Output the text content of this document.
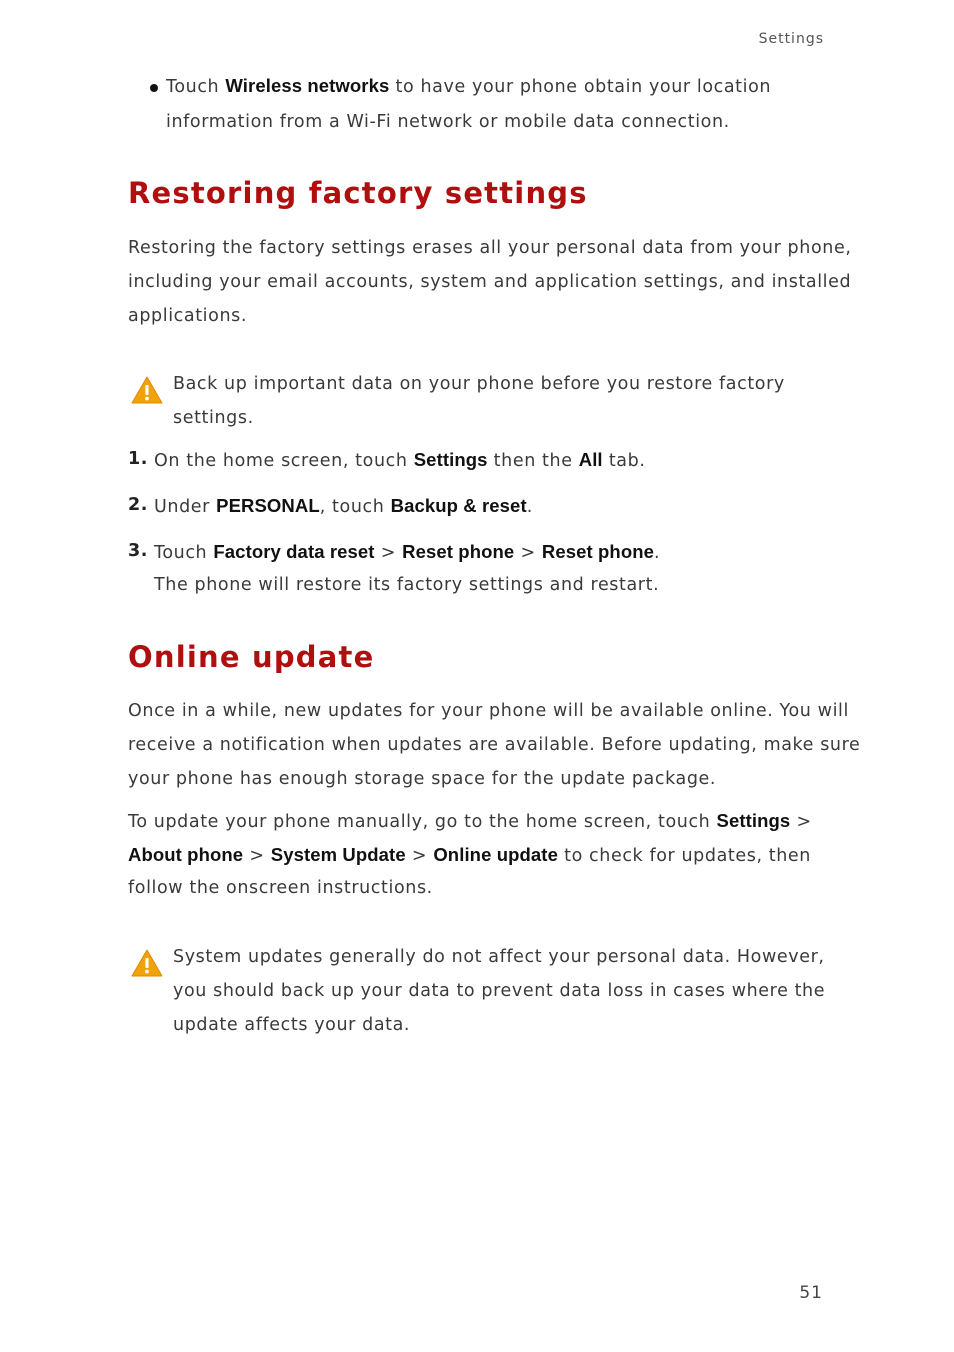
Settings
Touch Wireless networks to have your phone obtain your location
information from a Wi-Fi network or mobile data connection.
Restoring factory settings
Restoring the factory settings erases all your personal data from your phone,
including your email accounts, system and application settings, and installed
applications.
Back up important data on your phone before you restore factory
settings.
1. On the home screen, touch Settings then the All tab.
2. Under PERSONAL, touch Backup & reset.
3. Touch Factory data reset > Reset phone > Reset phone.
The phone will restore its factory settings and restart.
Online update
Once in a while, new updates for your phone will be available online. You will
receive a notification when updates are available. Before updating, make sure
your phone has enough storage space for the update package.
To update your phone manually, go to the home screen, touch Settings >
About phone > System Update > Online update to check for updates, then
follow the onscreen instructions.
System updates generally do not affect your personal data. However,
you should back up your data to prevent data loss in cases where the
update affects your data.
51
